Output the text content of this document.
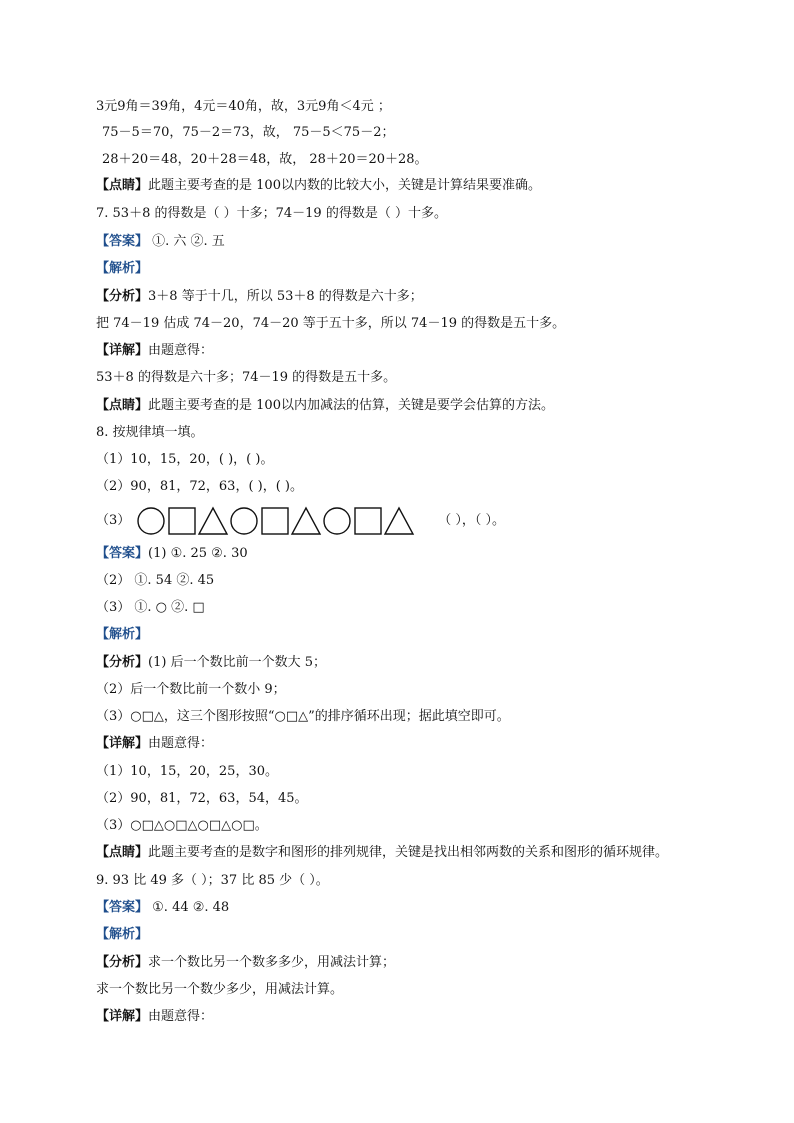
3元9角＝39角，4元＝40角，故，3元9角＜4元 ；
75－5＝70，75－2＝73，故， 75－5＜75－2；
28＋20＝48，20＋28＝48，故， 28＋20＝20＋28。
【点睛】此题主要考查的是 100以内数的比较大小，关键是计算结果要准确。
7. 53＋8 的得数是（ ）十多；74－19 的得数是（ ）十多。
【答案】 ①. 六 ②. 五
【解析】
【分析】3＋8 等于十几，所以 53＋8 的得数是六十多；
把 74－19 估成 74－20，74－20 等于五十多，所以 74－19 的得数是五十多。
【详解】由题意得：
53＋8 的得数是六十多；74－19 的得数是五十多。
【点睛】此题主要考查的是 100以内加减法的估算，关键是要学会估算的方法。
8. 按规律填一填。
（1）10，15，20，( )，( )。
（2）90，81，72，63，( )，( )。
（3）	（ ），（ ）。
【答案】(1) ①. 25 ②. 30
（2） ①. 54 ②. 45
（3） ①. ○ ②. □
【解析】
【分析】(1) 后一个数比前一个数大 5；
（2）后一个数比前一个数小 9；
（3）○□△，这三个图形按照“○□△”的排序循环出现；据此填空即可。
【详解】由题意得：
（1）10，15，20，25，30。
（2）90，81，72，63，54，45。
（3）○□△○□△○□△○□。
【点睛】此题主要考查的是数字和图形的排列规律，关键是找出相邻两数的关系和图形的循环规律。
9. 93 比 49 多（ ）；37 比 85 少（ ）。
【答案】 ①. 44 ②. 48
【解析】
【分析】求一个数比另一个数多多少，用减法计算；
求一个数比另一个数少多少，用减法计算。
【详解】由题意得：
